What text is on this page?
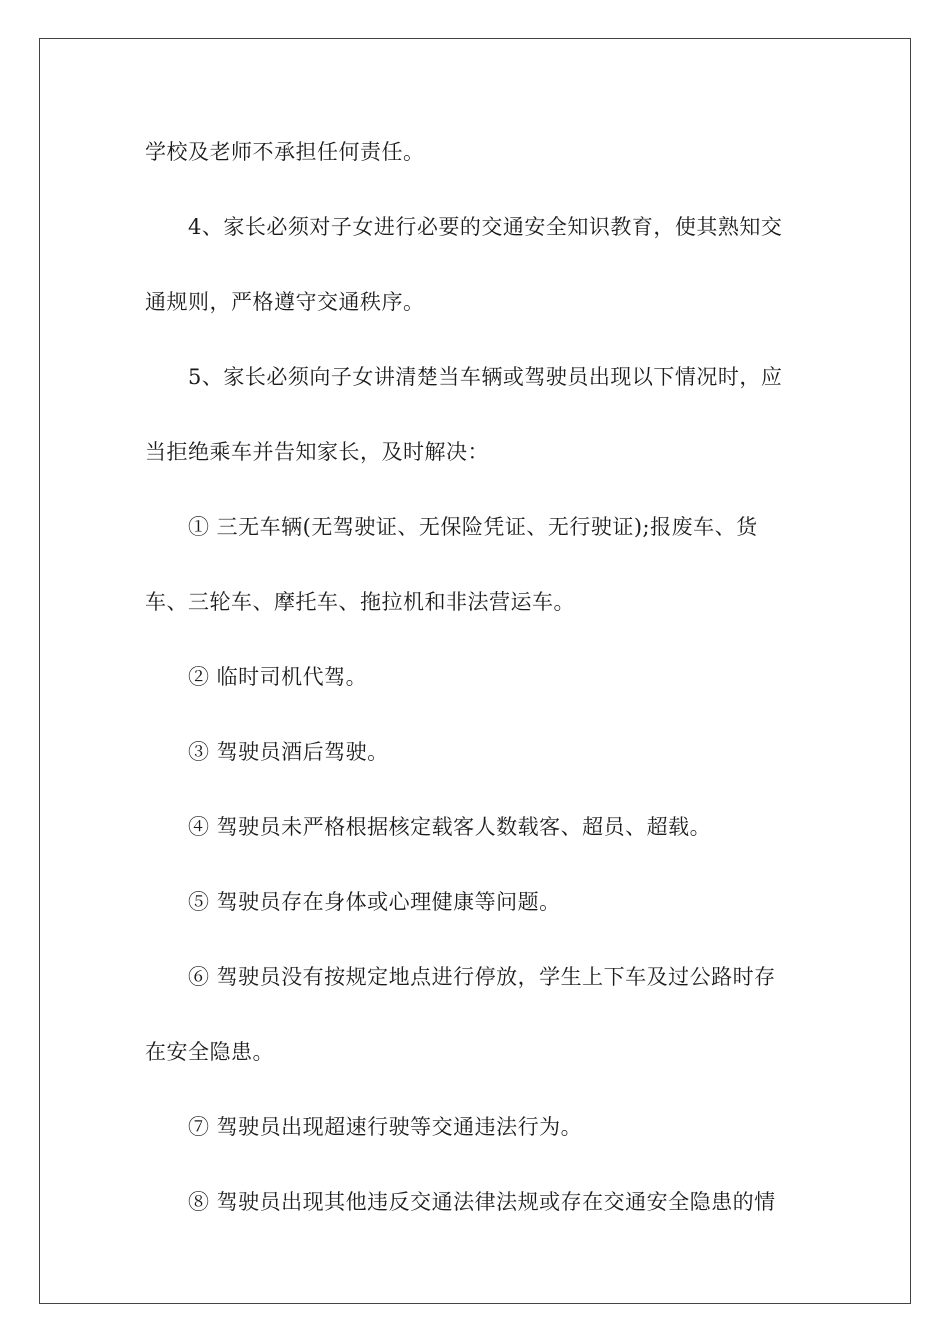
学校及老师不承担任何责任。
4、家长必须对子女进行必要的交通安全知识教育，使其熟知交
通规则，严格遵守交通秩序。
5、家长必须向子女讲清楚当车辆或驾驶员出现以下情况时，应
当拒绝乘车并告知家长，及时解决：
① 三无车辆(无驾驶证、无保险凭证、无行驶证);报废车、货
车、三轮车、摩托车、拖拉机和非法营运车。
② 临时司机代驾。
③ 驾驶员酒后驾驶。
④ 驾驶员未严格根据核定载客人数载客、超员、超载。
⑤ 驾驶员存在身体或心理健康等问题。
⑥ 驾驶员没有按规定地点进行停放，学生上下车及过公路时存
在安全隐患。
⑦ 驾驶员出现超速行驶等交通违法行为。
⑧ 驾驶员出现其他违反交通法律法规或存在交通安全隐患的情
